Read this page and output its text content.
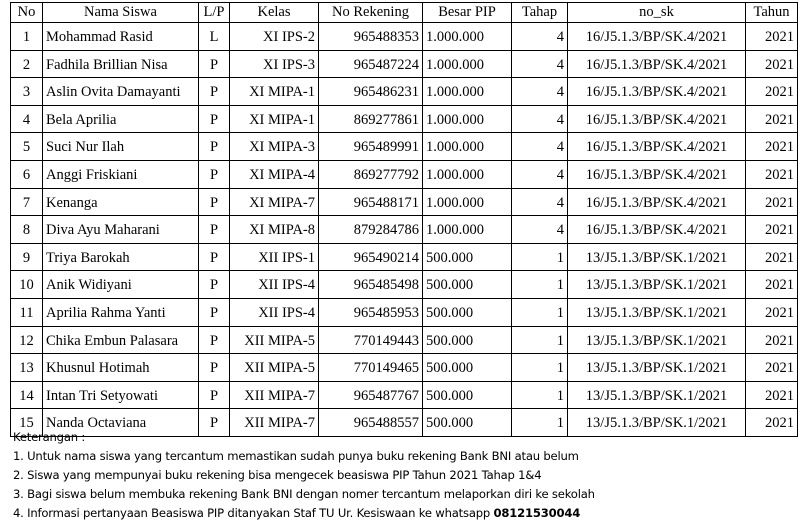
No	Nama Siswa	L/P	Kelas	No Rekening	Besar PIP	Tahap	no_sk	Tahun
1	Mohammad Rasid	L	XI IPS-2	965488353	1.000.000	4	16/J5.1.3/BP/SK.4/2021	2021
2	Fadhila Brillian Nisa	P	XI IPS-3	965487224	1.000.000	4	16/J5.1.3/BP/SK.4/2021	2021
3	Aslin Ovita Damayanti	P	XI MIPA-1	965486231	1.000.000	4	16/J5.1.3/BP/SK.4/2021	2021
4	Bela Aprilia	P	XI MIPA-1	869277861	1.000.000	4	16/J5.1.3/BP/SK.4/2021	2021
5	Suci Nur Ilah	P	XI MIPA-3	965489991	1.000.000	4	16/J5.1.3/BP/SK.4/2021	2021
6	Anggi Friskiani	P	XI MIPA-4	869277792	1.000.000	4	16/J5.1.3/BP/SK.4/2021	2021
7	Kenanga	P	XI MIPA-7	965488171	1.000.000	4	16/J5.1.3/BP/SK.4/2021	2021
8	Diva Ayu Maharani	P	XI MIPA-8	879284786	1.000.000	4	16/J5.1.3/BP/SK.4/2021	2021
9	Triya Barokah	P	XII IPS-1	965490214	500.000	1	13/J5.1.3/BP/SK.1/2021	2021
10	Anik Widiyani	P	XII IPS-4	965485498	500.000	1	13/J5.1.3/BP/SK.1/2021	2021
11	Aprilia Rahma Yanti	P	XII IPS-4	965485953	500.000	1	13/J5.1.3/BP/SK.1/2021	2021
12	Chika Embun Palasara	P	XII MIPA-5	770149443	500.000	1	13/J5.1.3/BP/SK.1/2021	2021
13	Khusnul Hotimah	P	XII MIPA-5	770149465	500.000	1	13/J5.1.3/BP/SK.1/2021	2021
14	Intan Tri Setyowati	P	XII MIPA-7	965487767	500.000	1	13/J5.1.3/BP/SK.1/2021	2021
15	Nanda Octaviana	P	XII MIPA-7	965488557	500.000	1	13/J5.1.3/BP/SK.1/2021	2021
Keterangan :
1. Untuk nama siswa yang tercantum memastikan sudah punya buku rekening Bank BNI atau belum
2. Siswa yang mempunyai buku rekening bisa mengecek beasiswa PIP Tahun 2021 Tahap 1&4
3. Bagi siswa belum membuka rekening Bank BNI dengan nomer tercantum melaporkan diri ke sekolah
4. Informasi pertanyaan Beasiswa PIP ditanyakan Staf TU Ur. Kesiswaan ke whatsapp 08121530044
